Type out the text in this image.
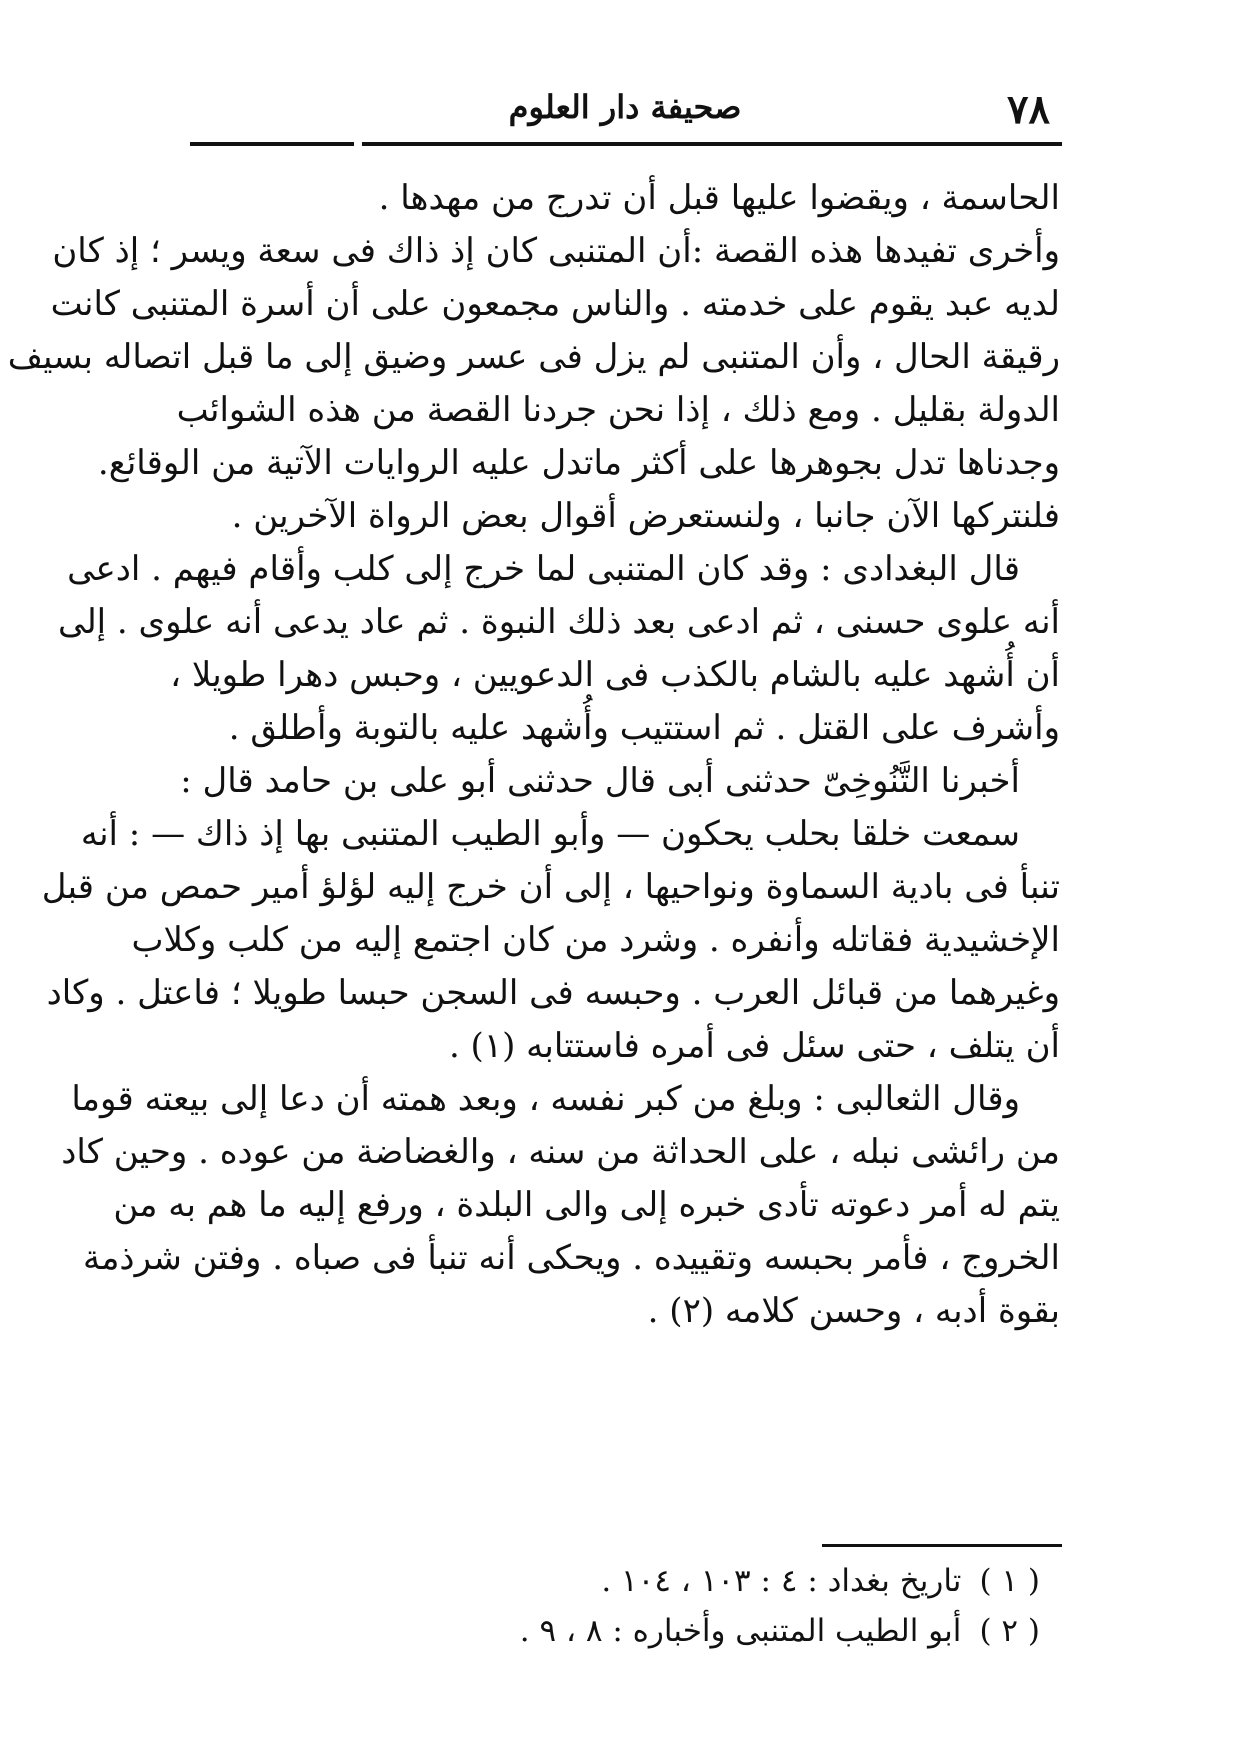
٧٨
صحيفة دار العلوم
الحاسمة ، ويقضوا عليها قبل أن تدرج من مهدها .
وأخرى تفيدها هذه القصة :أن المتنبى كان إذ ذاك فى سعة ويسر ؛ إذ كان
لديه عبد يقوم على خدمته . والناس مجمعون على أن أسرة المتنبى كانت
رقيقة الحال ، وأن المتنبى لم يزل فى عسر وضيق إلى ما قبل اتصاله بسيف
الدولة بقليل . ومع ذلك ، إذا نحن جردنا القصة من هذه الشوائب
وجدناها تدل بجوهرها على أكثر ماتدل عليه الروايات الآتية من الوقائع.
فلنتركها الآن جانبا ، ولنستعرض أقوال بعض الرواة الآخرين .
قال البغدادى : وقد كان المتنبى لما خرج إلى كلب وأقام فيهم . ادعى
أنه علوى حسنى ، ثم ادعى بعد ذلك النبوة . ثم عاد يدعى أنه علوى . إلى
أن أُشهد عليه بالشام بالكذب فى الدعويين ، وحبس دهرا طويلا ،
وأشرف على القتل . ثم استتيب وأُشهد عليه بالتوبة وأطلق .
أخبرنا التَّنُوخِىّ حدثنى أبى قال حدثنى أبو على بن حامد قال :
سمعت خلقا بحلب يحكون — وأبو الطيب المتنبى بها إذ ذاك — : أنه
تنبأ فى بادية السماوة ونواحيها ، إلى أن خرج إليه لؤلؤ أمير حمص من قبل
الإخشيدية فقاتله وأنفره . وشرد من كان اجتمع إليه من كلب وكلاب
وغيرهما من قبائل العرب . وحبسه فى السجن حبسا طويلا ؛ فاعتل . وكاد
أن يتلف ، حتى سئل فى أمره فاستتابه (١) .
وقال الثعالبى : وبلغ من كبر نفسه ، وبعد همته أن دعا إلى بيعته قوما
من رائشى نبله ، على الحداثة من سنه ، والغضاضة من عوده . وحين كاد
يتم له أمر دعوته تأدى خبره إلى والى البلدة ، ورفع إليه ما هم به من
الخروج ، فأمر بحبسه وتقييده . ويحكى أنه تنبأ فى صباه . وفتن شرذمة
بقوة أدبه ، وحسن كلامه (٢) .
( ١ )تاريخ بغداد : ٤ : ١٠٣ ، ١٠٤ .
( ٢ )أبو الطيب المتنبى وأخباره : ٨ ، ٩ .
